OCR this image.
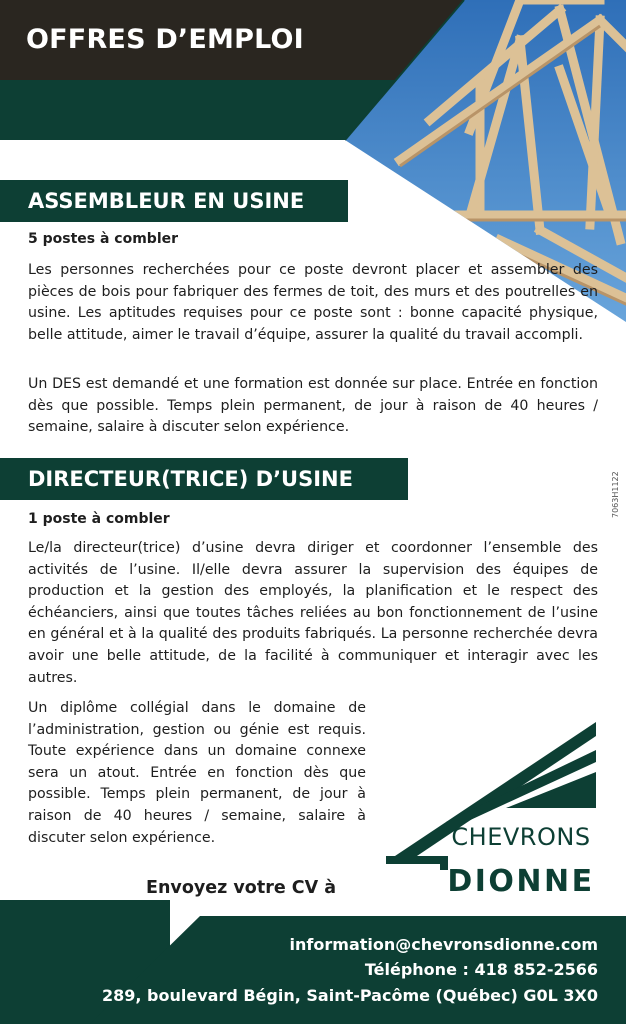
OFFRES D’EMPLOI
ASSEMBLEUR EN USINE
5 postes à combler
Les personnes recherchées pour ce poste devront placer et assembler des pièces de bois pour fabriquer des fermes de toit, des murs et des poutrelles en usine. Les aptitudes requises pour ce poste sont : bonne capacité physique, belle attitude, aimer le travail d’équipe, assurer la qualité du travail accompli.
Un DES est demandé et une formation est donnée sur place. Entrée en fonction dès que possible. Temps plein permanent, de jour à raison de 40 heures / semaine, salaire à discuter selon expérience.
DIRECTEUR(TRICE) D’USINE
1 poste à combler
Le/la directeur(trice) d’usine devra diriger et coordonner l’ensemble des activités de l’usine. Il/elle devra assurer la supervision des équipes de production et la gestion des employés, la planification et le respect des échéanciers, ainsi que toutes tâches reliées au bon fonctionnement de l’usine en général et à la qualité des produits fabriqués. La personne recherchée devra avoir une belle attitude, de la facilité à communiquer et interagir avec les autres.
Un diplôme collégial dans le domaine de l’administration, gestion ou génie est requis. Toute expérience dans un domaine connexe sera un atout. Entrée en fonction dès que possible. Temps plein permanent, de jour à raison de 40 heures / semaine, salaire à discuter selon expérience.
7063H1122
CHEVRONS
DIONNE
Envoyez votre CV à
information@chevronsdionne.com
Téléphone : 418 852-2566
289, boulevard Bégin, Saint-Pacôme (Québec) G0L 3X0
